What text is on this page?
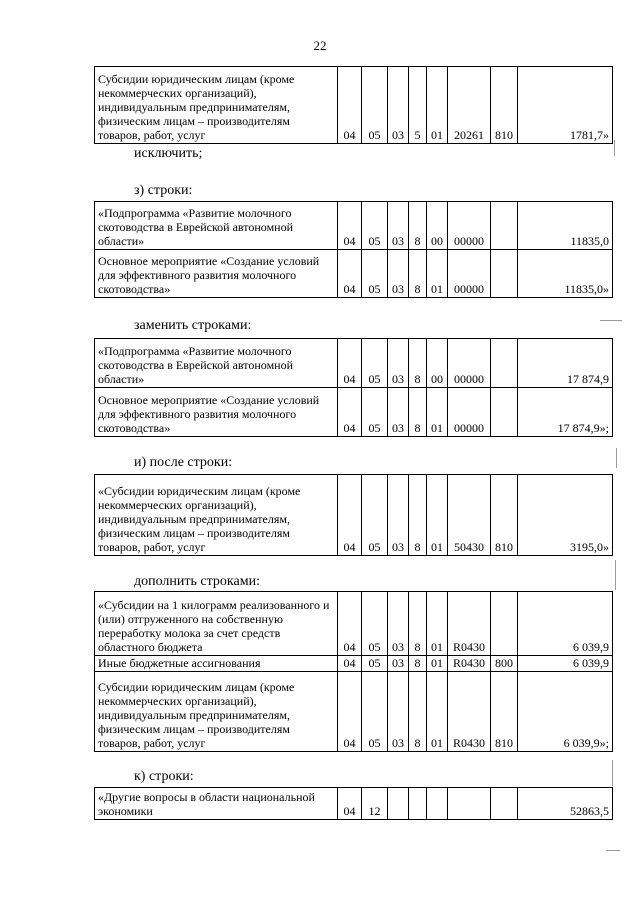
22
Субсидии юридическим лицам (кроме некоммерческих организаций), индивидуальным предпринимателям, физическим лицам – производителям товаров, работ, услуг	04	05	03	5	01	20261	810	1781,7»
исключить;
з) строки:
«Подпрограмма «Развитие молочного скотоводства в Еврейской автономной области»	04	05	03	8	00	00000		11835,0
Основное мероприятие «Создание условий для эффективного развития молочного скотоводства»	04	05	03	8	01	00000		11835,0»
заменить строками:
«Подпрограмма «Развитие молочного скотоводства в Еврейской автономной области»	04	05	03	8	00	00000		17 874,9
Основное мероприятие «Создание условий для эффективного развития молочного скотоводства»	04	05	03	8	01	00000		17 874,9»;
и) после строки:
«Субсидии юридическим лицам (кроме некоммерческих организаций), индивидуальным предпринимателям, физическим лицам – производителям товаров, работ, услуг	04	05	03	8	01	50430	810	3195,0»
дополнить строками:
«Субсидии на 1 килограмм реализованного и (или) отгруженного на собственную переработку молока за счет средств областного бюджета	04	05	03	8	01	R0430		6 039,9
Иные бюджетные ассигнования	04	05	03	8	01	R0430	800	6 039,9
Субсидии юридическим лицам (кроме некоммерческих организаций), индивидуальным предпринимателям, физическим лицам – производителям товаров, работ, услуг	04	05	03	8	01	R0430	810	6 039,9»;
к) строки:
«Другие вопросы в области национальной экономики	04	12						52863,5
